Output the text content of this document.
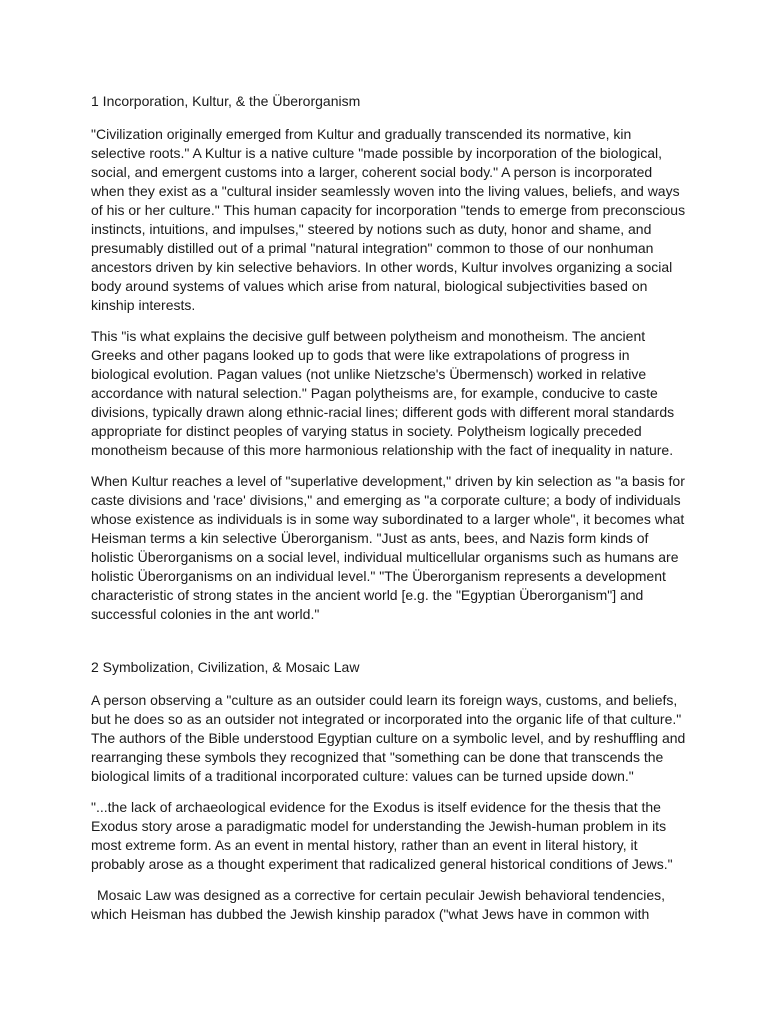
1 Incorporation, Kultur, & the Überorganism
"Civilization originally emerged from Kultur and gradually transcended its normative, kin
selective roots." A Kultur is a native culture "made possible by incorporation of the biological,
social, and emergent customs into a larger, coherent social body." A person is incorporated
when they exist as a "cultural insider seamlessly woven into the living values, beliefs, and ways
of his or her culture." This human capacity for incorporation "tends to emerge from preconscious
instincts, intuitions, and impulses," steered by notions such as duty, honor and shame, and
presumably distilled out of a primal "natural integration" common to those of our nonhuman
ancestors driven by kin selective behaviors. In other words, Kultur involves organizing a social
body around systems of values which arise from natural, biological subjectivities based on
kinship interests.
This "is what explains the decisive gulf between polytheism and monotheism. The ancient
Greeks and other pagans looked up to gods that were like extrapolations of progress in
biological evolution. Pagan values (not unlike Nietzsche's Übermensch) worked in relative
accordance with natural selection." Pagan polytheisms are, for example, conducive to caste
divisions, typically drawn along ethnic-racial lines; different gods with different moral standards
appropriate for distinct peoples of varying status in society. Polytheism logically preceded
monotheism because of this more harmonious relationship with the fact of inequality in nature.
When Kultur reaches a level of "superlative development," driven by kin selection as "a basis for
caste divisions and 'race' divisions," and emerging as "a corporate culture; a body of individuals
whose existence as individuals is in some way subordinated to a larger whole", it becomes what
Heisman terms a kin selective Überorganism. "Just as ants, bees, and Nazis form kinds of
holistic Überorganisms on a social level, individual multicellular organisms such as humans are
holistic Überorganisms on an individual level." "The Überorganism represents a development
characteristic of strong states in the ancient world [e.g. the "Egyptian Überorganism"] and
successful colonies in the ant world."
2 Symbolization, Civilization, & Mosaic Law
A person observing a "culture as an outsider could learn its foreign ways, customs, and beliefs,
but he does so as an outsider not integrated or incorporated into the organic life of that culture."
The authors of the Bible understood Egyptian culture on a symbolic level, and by reshuffling and
rearranging these symbols they recognized that "something can be done that transcends the
biological limits of a traditional incorporated culture: values can be turned upside down."
"...the lack of archaeological evidence for the Exodus is itself evidence for the thesis that the
Exodus story arose a paradigmatic model for understanding the Jewish-human problem in its
most extreme form. As an event in mental history, rather than an event in literal history, it
probably arose as a thought experiment that radicalized general historical conditions of Jews."
Mosaic Law was designed as a corrective for certain peculair Jewish behavioral tendencies,
which Heisman has dubbed the Jewish kinship paradox ("what Jews have in common with
